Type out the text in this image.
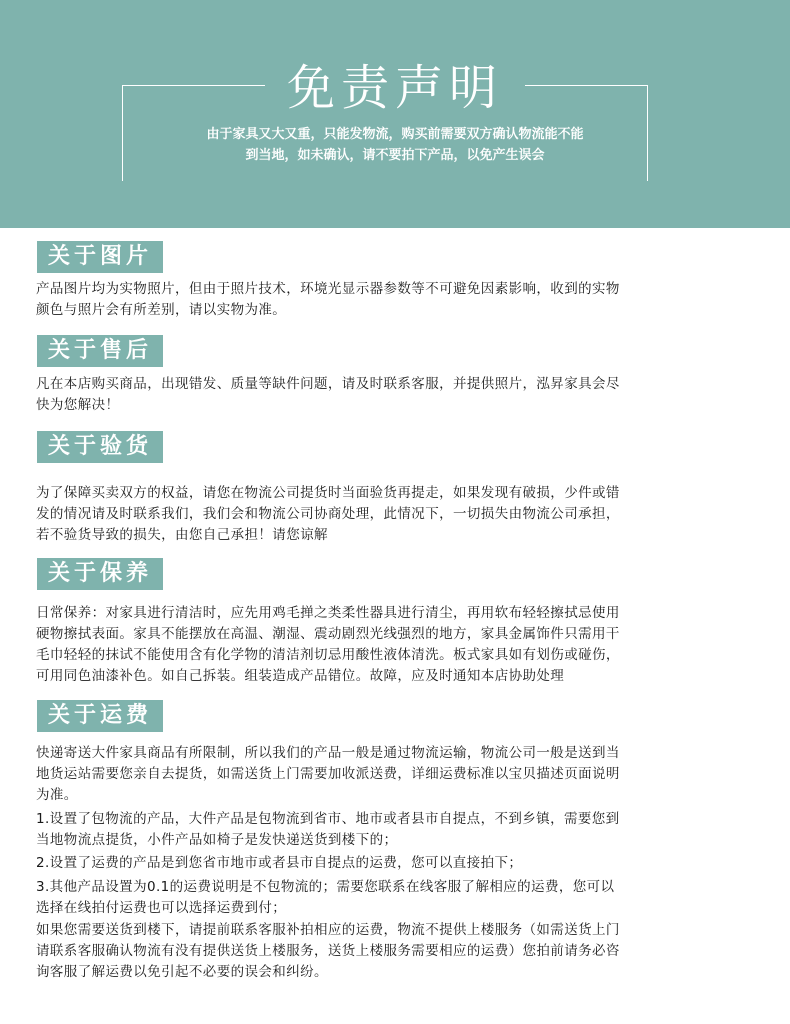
免责声明
由于家具又大又重，只能发物流，购买前需要双方确认物流能不能
到当地，如未确认，请不要拍下产品，以免产生误会
关于图片
产品图片均为实物照片，但由于照片技术，环境光显示器参数等不可避免因素影响，收到的实物
颜色与照片会有所差别，请以实物为准。
关于售后
凡在本店购买商品，出现错发、质量等缺件问题，请及时联系客服，并提供照片，泓昇家具会尽
快为您解决！
关于验货
为了保障买卖双方的权益，请您在物流公司提货时当面验货再提走，如果发现有破损，少件或错
发的情况请及时联系我们，我们会和物流公司协商处理，此情况下，一切损失由物流公司承担，
若不验货导致的损失，由您自己承担！请您谅解
关于保养
日常保养：对家具进行清洁时，应先用鸡毛掸之类柔性器具进行清尘，再用软布轻轻擦拭忌使用
硬物擦拭表面。家具不能摆放在高温、潮湿、震动剧烈光线强烈的地方，家具金属饰件只需用干
毛巾轻轻的抹试不能使用含有化学物的清洁剂切忌用酸性液体清洗。板式家具如有划伤或碰伤，
可用同色油漆补色。如自己拆装。组装造成产品错位。故障，应及时通知本店协助处理
关于运费
快递寄送大件家具商品有所限制，所以我们的产品一般是通过物流运输，物流公司一般是送到当
地货运站需要您亲自去提货，如需送货上门需要加收派送费，详细运费标准以宝贝描述页面说明
为准。
1.设置了包物流的产品，大件产品是包物流到省市、地市或者县市自提点，不到乡镇，需要您到
当地物流点提货，小件产品如椅子是发快递送货到楼下的；
2.设置了运费的产品是到您省市地市或者县市自提点的运费，您可以直接拍下；
3.其他产品设置为0.1的运费说明是不包物流的；需要您联系在线客服了解相应的运费，您可以
选择在线拍付运费也可以选择运费到付；
如果您需要送货到楼下，请提前联系客服补拍相应的运费，物流不提供上楼服务（如需送货上门
请联系客服确认物流有没有提供送货上楼服务，送货上楼服务需要相应的运费）您拍前请务必咨
询客服了解运费以免引起不必要的误会和纠纷。
